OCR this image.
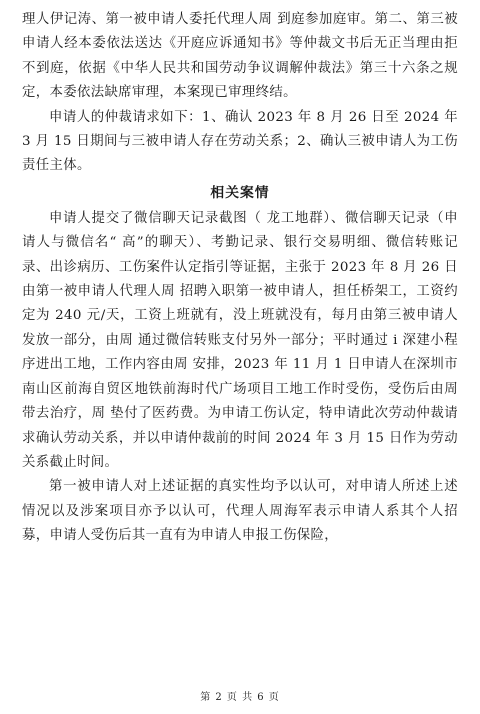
理人伊记涛、第一被申请人委托代理人周 到庭参加庭审。第二、第三被申请人经本委依法送达《开庭应诉通知书》等仲裁文书后无正当理由拒不到庭，依据《中华人民共和国劳动争议调解仲裁法》第三十六条之规定，本委依法缺席审理，本案现已审理终结。

申请人的仲裁请求如下：1、确认 2023 年 8 月 26 日至 2024 年 3 月 15 日期间与三被申请人存在劳动关系；2、确认三被申请人为工伤责任主体。

相关案情

申请人提交了微信聊天记录截图（ 龙工地群）、微信聊天记录（申请人与微信名“ 高”的聊天）、考勤记录、银行交易明细、微信转账记录、出诊病历、工伤案件认定指引等证据，主张于 2023 年 8 月 26 日由第一被申请人代理人周 招聘入职第一被申请人，担任桥架工，工资约定为 240 元/天，工资上班就有，没上班就没有，每月由第三被申请人发放一部分，由周 通过微信转账支付另外一部分；平时通过 i 深建小程序进出工地，工作内容由周 安排，2023 年 11 月 1 日申请人在深圳市南山区前海自贸区地铁前海时代广场项目工地工作时受伤，受伤后由周 带去治疗，周 垫付了医药费。为申请工伤认定，特申请此次劳动仲裁请求确认劳动关系，并以申请仲裁前的时间 2024 年 3 月 15 日作为劳动关系截止时间。

第一被申请人对上述证据的真实性均予以认可，对申请人所述上述情况以及涉案项目亦予以认可，代理人周海军表示申请人系其个人招募，申请人受伤后其一直有为申请人申报工伤保险，

第 2 页 共 6 页
